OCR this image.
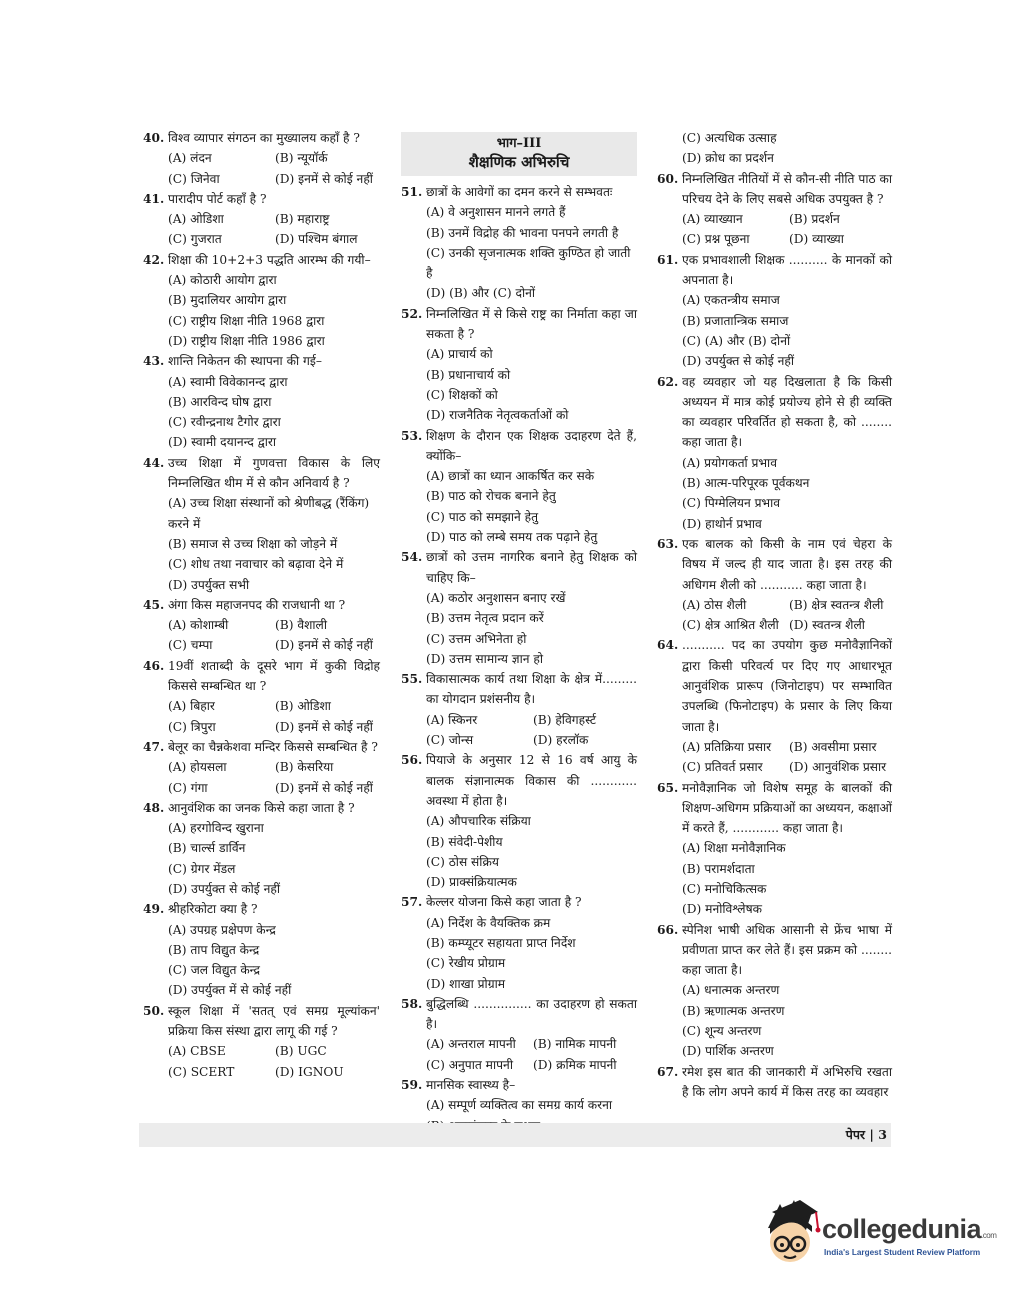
40. विश्व व्यापार संगठन का मुख्यालय कहाँ है ?
(A) लंदन	(B) न्यूयॉर्क
(C) जिनेवा	(D) इनमें से कोई नहीं
41. पारादीप पोर्ट कहाँ है ?
(A) ओडिशा	(B) महाराष्ट्र
(C) गुजरात	(D) पश्चिम बंगाल
42. शिक्षा की 10+2+3 पद्धति आरम्भ की गयी–
(A) कोठारी आयोग द्वारा
(B) मुदालियर आयोग द्वारा
(C) राष्ट्रीय शिक्षा नीति 1968 द्वारा
(D) राष्ट्रीय शिक्षा नीति 1986 द्वारा
43. शान्ति निकेतन की स्थापना की गई–
(A) स्वामी विवेकानन्द द्वारा
(B) आरविन्द घोष द्वारा
(C) रवीन्द्रनाथ टैगोर द्वारा
(D) स्वामी दयानन्द द्वारा
44. उच्च शिक्षा में गुणवत्ता विकास के लिए निम्नलिखित थीम में से कौन अनिवार्य है ?
(A) उच्च शिक्षा संस्थानों को श्रेणीबद्ध (रैंकिंग) करने में
(B) समाज से उच्च शिक्षा को जोड़ने में
(C) शोध तथा नवाचार को बढ़ावा देने में
(D) उपर्युक्त सभी
45. अंगा किस महाजनपद की राजधानी था ?
(A) कोशाम्बी	(B) वैशाली
(C) चम्पा	(D) इनमें से कोई नहीं
46. 19वीं शताब्दी के दूसरे भाग में कुकी विद्रोह किससे सम्बन्धित था ?
(A) बिहार	(B) ओडिशा
(C) त्रिपुरा	(D) इनमें से कोई नहीं
47. बेलूर का चैन्नकेशवा मन्दिर किससे सम्बन्धित है ?
(A) होयसला	(B) केसरिया
(C) गंगा	(D) इनमें से कोई नहीं
48. आनुवंशिक का जनक किसे कहा जाता है ?
(A) हरगोविन्द खुराना
(B) चार्ल्स डार्विन
(C) ग्रेगर मेंडल
(D) उपर्युक्त से कोई नहीं
49. श्रीहरिकोटा क्या है ?
(A) उपग्रह प्रक्षेपण केन्द्र
(B) ताप विद्युत केन्द्र
(C) जल विद्युत केन्द्र
(D) उपर्युक्त में से कोई नहीं
50. स्कूल शिक्षा में 'सतत् एवं समग्र मूल्यांकन' प्रक्रिया किस संस्था द्वारा लागू की गई ?
(A) CBSE	(B) UGC
(C) SCERT	(D) IGNOU
भाग–III
शैक्षणिक अभिरुचि
51. छात्रों के आवेगों का दमन करने से सम्भवतः
(A) वे अनुशासन मानने लगते हैं
(B) उनमें विद्रोह की भावना पनपने लगती है
(C) उनकी सृजनात्मक शक्ति कुण्ठित हो जाती है
(D) (B) और (C) दोनों
52. निम्नलिखित में से किसे राष्ट्र का निर्माता कहा जा सकता है ?
(A) प्राचार्य को
(B) प्रधानाचार्य को
(C) शिक्षकों को
(D) राजनैतिक नेतृत्वकर्ताओं को
53. शिक्षण के दौरान एक शिक्षक उदाहरण देते हैं, क्योंकि–
(A) छात्रों का ध्यान आकर्षित कर सके
(B) पाठ को रोचक बनाने हेतु
(C) पाठ को समझाने हेतु
(D) पाठ को लम्बे समय तक पढ़ाने हेतु
54. छात्रों को उत्तम नागरिक बनाने हेतु शिक्षक को चाहिए कि–
(A) कठोर अनुशासन बनाए रखें
(B) उत्तम नेतृत्व प्रदान करें
(C) उत्तम अभिनेता हो
(D) उत्तम सामान्य ज्ञान हो
55. विकासात्मक कार्य तथा शिक्षा के क्षेत्र में......... का योगदान प्रशंसनीय है।
(A) स्किनर	(B) हेविगहर्स्ट
(C) जोन्स	(D) हरलॉक
56. पियाजे के अनुसार 12 से 16 वर्ष आयु के बालक संज्ञानात्मक विकास की ............ अवस्था में होता है।
(A) औपचारिक संक्रिया
(B) संवेदी-पेशीय
(C) ठोस संक्रिय
(D) प्राक्संक्रियात्मक
57. केल्लर योजना किसे कहा जाता है ?
(A) निर्देश के वैयक्तिक क्रम
(B) कम्प्यूटर सहायता प्राप्त निर्देश
(C) रेखीय प्रोग्राम
(D) शाखा प्रोग्राम
58. बुद्धिलब्धि ............... का उदाहरण हो सकता है।
(A) अन्तराल मापनी	(B) नामिक मापनी
(C) अनुपात मापनी	(D) क्रमिक मापनी
59. मानसिक स्वास्थ्य है–
(A) सम्पूर्ण व्यक्तित्व का समग्र कार्य करना
(C) अत्यधिक उत्साह
(D) क्रोध का प्रदर्शन
60. निम्नलिखित नीतियों में से कौन-सी नीति पाठ का परिचय देने के लिए सबसे अधिक उपयुक्त है ?
(A) व्याख्यान	(B) प्रदर्शन
(C) प्रश्न पूछना	(D) व्याख्या
61. एक प्रभावशाली शिक्षक .......... के मानकों को अपनाता है।
(A) एकतन्त्रीय समाज
(B) प्रजातान्त्रिक समाज
(C) (A) और (B) दोनों
(D) उपर्युक्त से कोई नहीं
62. वह व्यवहार जो यह दिखलाता है कि किसी अध्ययन में मात्र कोई प्रयोज्य होने से ही व्यक्ति का व्यवहार परिवर्तित हो सकता है, को ........ कहा जाता है।
(A) प्रयोगकर्ता प्रभाव
(B) आत्म-परिपूरक पूर्वकथन
(C) पिग्मेलियन प्रभाव
(D) हाथोर्न प्रभाव
63. एक बालक को किसी के नाम एवं चेहरा के विषय में जल्द ही याद जाता है। इस तरह की अधिगम शैली को ........... कहा जाता है।
(A) ठोस शैली	(B) क्षेत्र स्वतन्त्र शैली
(C) क्षेत्र आश्रित शैली (D) स्वतन्त्र शैली
64. ........... पद का उपयोग कुछ मनोवैज्ञानिकों द्वारा किसी परिवर्त्य पर दिए गए आधारभूत आनुवंशिक प्रारूप (जिनोटाइप) पर सम्भावित उपलब्धि (फिनोटाइप) के प्रसार के लिए किया जाता है।
(A) प्रतिक्रिया प्रसार	(B) अवसीमा प्रसार
(C) प्रतिवर्त प्रसार	(D) आनुवंशिक प्रसार
65. मनोवैज्ञानिक जो विशेष समूह के बालकों की शिक्षण-अधिगम प्रक्रियाओं का अध्ययन, कक्षाओं में करते हैं, ............ कहा जाता है।
(A) शिक्षा मनोवैज्ञानिक
(B) परामर्शदाता
(C) मनोचिकित्सक
(D) मनोविश्लेषक
66. स्पेनिश भाषी अधिक आसानी से फ्रेंच भाषा में प्रवीणता प्राप्त कर लेते हैं। इस प्रक्रम को ........ कहा जाता है।
(A) धनात्मक अन्तरण
(B) ऋणात्मक अन्तरण
(C) शून्य अन्तरण
(D) पार्शिक अन्तरण
67. रमेश इस बात की जानकारी में अभिरुचि रखता है कि लोग अपने कार्य में किस तरह का व्यवहार
पेपर | 3
collegedunia.com
India's Largest Student Review Platform
